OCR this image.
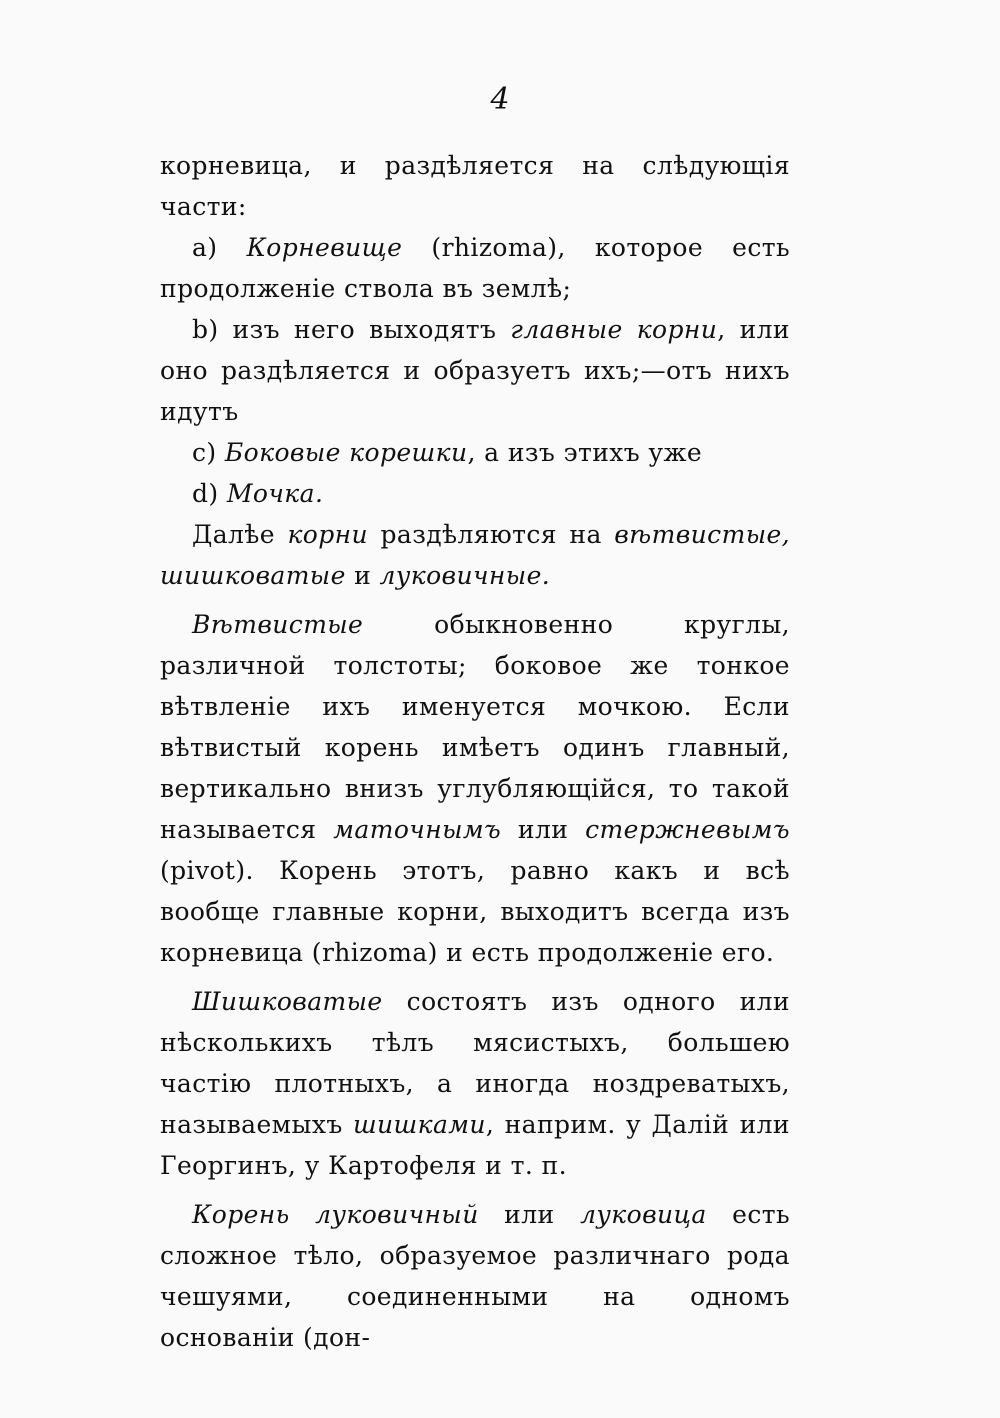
4

корневица, и раздѣляется на слѣдующія части:

а) Корневище (rhizoma), которое есть продолженіе ствола въ землѣ;

b) изъ него выходятъ главные корни, или оно раздѣляется и образуетъ ихъ;—отъ нихъ идутъ

c) Боковые корешки, а изъ этихъ уже

d) Мочка.

Далѣе корни раздѣляются на вѣтвистые, шишковатые и луковичные.

Вѣтвистые обыкновенно круглы, различной толстоты; боковое же тонкое вѣтвленіе ихъ именуется мочкою. Если вѣтвистый корень имѣетъ одинъ главный, вертикально внизъ углубляющійся, то такой называется маточнымъ или стержневымъ (pivot). Корень этотъ, равно какъ и всѣ вообще главные корни, выходитъ всегда изъ корневица (rhizoma) и есть продолженіе его.

Шишковатые состоятъ изъ одного или нѣсколькихъ тѣлъ мясистыхъ, большею частію плотныхъ, а иногда ноздреватыхъ, называемыхъ шишками, наприм. у Далій или Георгинъ, у Картофеля и т. п.

Корень луковичный или луковица есть сложное тѣло, образуемое различнаго рода чешуями, соединенными на одномъ основаніи (дон-
